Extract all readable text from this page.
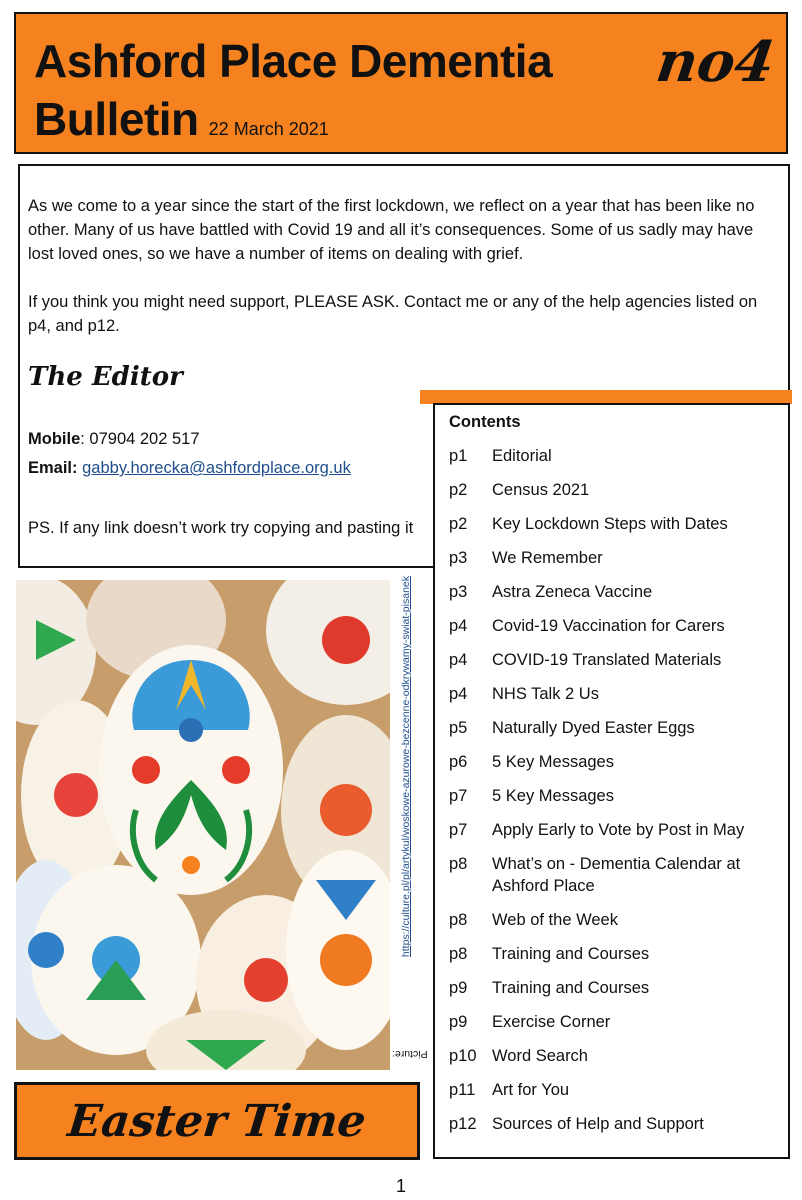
Ashford Place Dementia
Bulletin 22 March 2021
no4

As we come to a year since the start of the first lockdown, we reflect on a year that has been like no other. Many of us have battled with Covid 19 and all it’s consequences. Some of us sadly may have lost loved ones, so we have a number of items on dealing with grief.

If you think you might need support, PLEASE ASK. Contact me or any of the help agencies listed on p4, and p12.

The Editor
Mobile: 07904 202 517
Email: gabby.horecka@ashfordplace.org.uk

PS. If any link doesn’t work try copying and pasting it

Contents
p1	Editorial
p2	Census 2021
p2	Key Lockdown Steps with Dates
p3	We Remember
p3	Astra Zeneca Vaccine
p4	Covid-19 Vaccination for Carers
p4	COVID-19 Translated Materials
p4	NHS Talk 2 Us
p5	Naturally Dyed Easter Eggs
p6	5 Key Messages
p7	5 Key Messages
p7	Apply Early to Vote by Post in May
p8	What’s on - Dementia Calendar at Ashford Place
p8	Web of the Week
p8	Training and Courses
p9	Training and Courses
p9	Exercise Corner
p10 Word Search
p11	Art for You
p12 Sources of Help and Support
Picture:
https://culture.pl/pl/artykul/woskowe-azurowe-bezcenne-odkrywamy-swiat-pisanek
Easter Time
1
